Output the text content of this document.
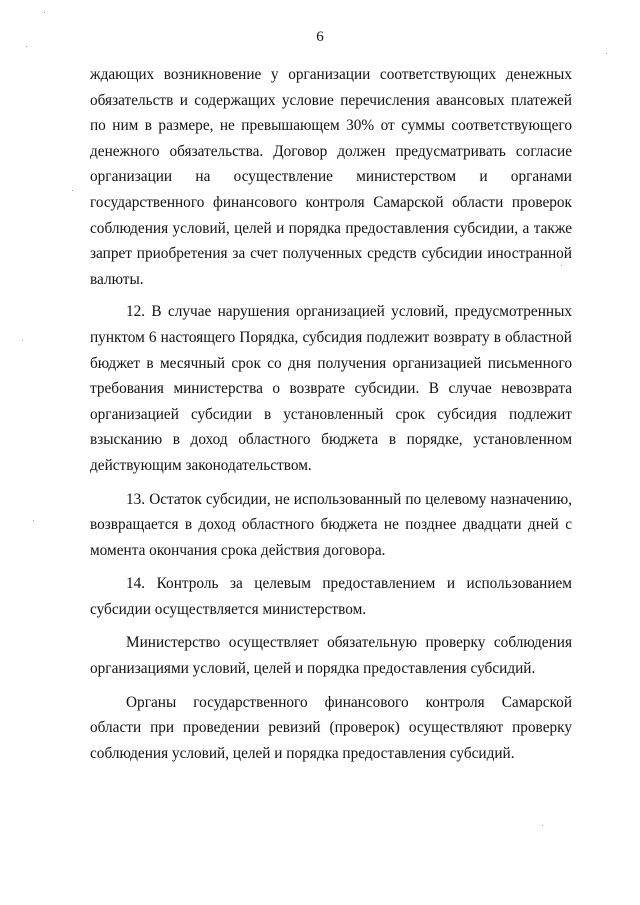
6

ждающих возникновение у организации соответствующих денежных обязательств и содержащих условие перечисления авансовых платежей по ним в размере, не превышающем 30% от суммы соответствующего денежного обязательства. Договор должен предусматривать согласие организации на осуществление министерством и органами государственного финансового контроля Самарской области проверок соблюдения условий, целей и порядка предоставления субсидии, а также запрет приобретения за счет полученных средств субсидии иностранной валюты.

12. В случае нарушения организацией условий, предусмотренных пунктом 6 настоящего Порядка, субсидия подлежит возврату в областной бюджет в месячный срок со дня получения организацией письменного требования министерства о возврате субсидии. В случае невозврата организацией субсидии в установленный срок субсидия подлежит взысканию в доход областного бюджета в порядке, установленном действующим законодательством.

13. Остаток субсидии, не использованный по целевому назначению, возвращается в доход областного бюджета не позднее двадцати дней с момента окончания срока действия договора.

14. Контроль за целевым предоставлением и использованием субсидии осуществляется министерством.

Министерство осуществляет обязательную проверку соблюдения организациями условий, целей и порядка предоставления субсидий.

Органы государственного финансового контроля Самарской области при проведении ревизий (проверок) осуществляют проверку соблюдения условий, целей и порядка предоставления субсидий.
